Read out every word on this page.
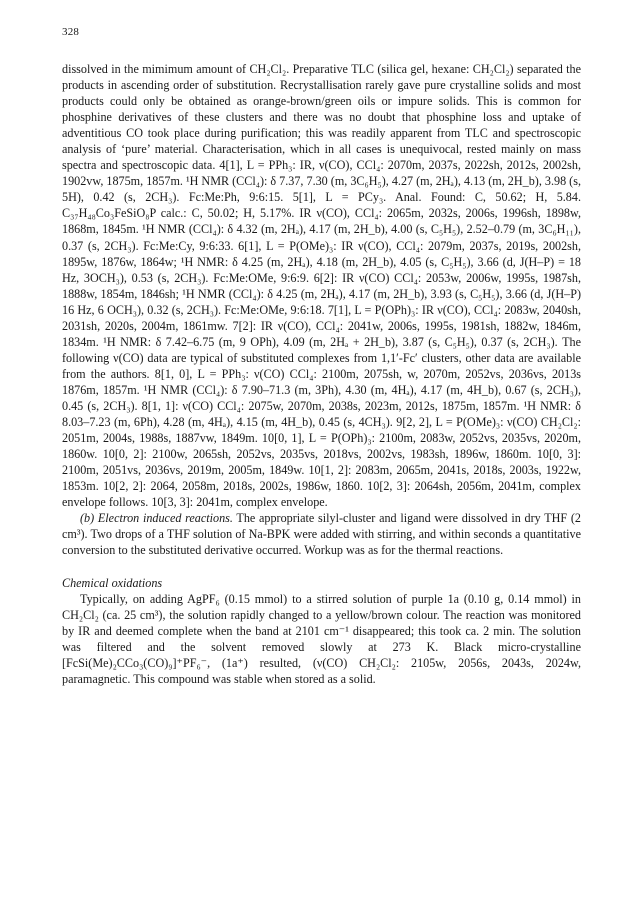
328

dissolved in the mimimum amount of CH₂Cl₂. Preparative TLC (silica gel, hexane: CH₂Cl₂) separated the products in ascending order of substitution. Recrystallisation rarely gave pure crystalline solids and most products could only be obtained as orange-brown/green oils or impure solids. This is common for phosphine derivatives of these clusters and there was no doubt that phosphine loss and uptake of adventitious CO took place during purification; this was readily apparent from TLC and spectroscopic analysis of ‘pure’ material. Characterisation, which in all cases is unequivocal, rested mainly on mass spectra and spectroscopic data. 4[1], L = PPh₃: IR, ν(CO), CCl₄: 2070m, 2037s, 2022sh, 2012s, 2002sh, 1902vw, 1875m, 1857m. ¹H NMR (CCl₄): δ 7.37, 7.30 (m, 3C₆H₅), 4.27 (m, 2Hₐ), 4.13 (m, 2H_b), 3.98 (s, 5H), 0.42 (s, 2CH₃). Fc:Me:Ph, 9:6:15. 5[1], L = PCy₃. Anal. Found: C, 50.62; H, 5.84. C₃₇H₄₈Co₃FeSiO₈P calc.: C, 50.02; H, 5.17%. IR ν(CO), CCl₄: 2065m, 2032s, 2006s, 1996sh, 1898w, 1868m, 1845m. ¹H NMR (CCl₄): δ 4.32 (m, 2Hₐ), 4.17 (m, 2H_b), 4.00 (s, C₅H₅), 2.52–0.79 (m, 3C₆H₁₁), 0.37 (s, 2CH₃). Fc:Me:Cy, 9:6:33. 6[1], L = P(OMe)₃: IR ν(CO), CCl₄: 2079m, 2037s, 2019s, 2002sh, 1895w, 1876w, 1864w; ¹H NMR: δ 4.25 (m, 2Hₐ), 4.18 (m, 2H_b), 4.05 (s, C₅H₅), 3.66 (d, J(H–P) = 18 Hz, 3OCH₃), 0.53 (s, 2CH₃). Fc:Me:OMe, 9:6:9. 6[2]: IR ν(CO) CCl₄: 2053w, 2006w, 1995s, 1987sh, 1888w, 1854m, 1846sh; ¹H NMR (CCl₄): δ 4.25 (m, 2Hₐ), 4.17 (m, 2H_b), 3.93 (s, C₅H₅), 3.66 (d, J(H–P) 16 Hz, 6 OCH₃), 0.32 (s, 2CH₃). Fc:Me:OMe, 9:6:18. 7[1], L = P(OPh)₃: IR ν(CO), CCl₄: 2083w, 2040sh, 2031sh, 2020s, 2004m, 1861mw. 7[2]: IR ν(CO), CCl₄: 2041w, 2006s, 1995s, 1981sh, 1882w, 1846m, 1834m. ¹H NMR: δ 7.42–6.75 (m, 9 OPh), 4.09 (m, 2Hₐ + 2H_b), 3.87 (s, C₅H₅), 0.37 (s, 2CH₃). The following ν(CO) data are typical of substituted complexes from 1,1′-Fc′ clusters, other data are available from the authors. 8[1, 0], L = PPh₃: ν(CO) CCl₄: 2100m, 2075sh, w, 2070m, 2052vs, 2036vs, 2013s 1876m, 1857m. ¹H NMR (CCl₄): δ 7.90–71.3 (m, 3Ph), 4.30 (m, 4Hₐ), 4.17 (m, 4H_b), 0.67 (s, 2CH₃), 0.45 (s, 2CH₃). 8[1, 1]: ν(CO) CCl₄: 2075w, 2070m, 2038s, 2023m, 2012s, 1875m, 1857m. ¹H NMR: δ 8.03–7.23 (m, 6Ph), 4.28 (m, 4Hₐ), 4.15 (m, 4H_b), 0.45 (s, 4CH₃). 9[2, 2], L = P(OMe)₃: ν(CO) CH₂Cl₂: 2051m, 2004s, 1988s, 1887vw, 1849m. 10[0, 1], L = P(OPh)₃: 2100m, 2083w, 2052vs, 2035vs, 2020m, 1860w. 10[0, 2]: 2100w, 2065sh, 2052vs, 2035vs, 2018vs, 2002vs, 1983sh, 1896w, 1860m. 10[0, 3]: 2100m, 2051vs, 2036vs, 2019m, 2005m, 1849w. 10[1, 2]: 2083m, 2065m, 2041s, 2018s, 2003s, 1922w, 1853m. 10[2, 2]: 2064, 2058m, 2018s, 2002s, 1986w, 1860. 10[2, 3]: 2064sh, 2056m, 2041m, complex envelope follows. 10[3, 3]: 2041m, complex envelope.

(b) Electron induced reactions. The appropriate silyl-cluster and ligand were dissolved in dry THF (2 cm³). Two drops of a THF solution of Na-BPK were added with stirring, and within seconds a quantitative conversion to the substituted derivative occurred. Workup was as for the thermal reactions.

Chemical oxidations

Typically, on adding AgPF₆ (0.15 mmol) to a stirred solution of purple 1a (0.10 g, 0.14 mmol) in CH₂Cl₂ (ca. 25 cm³), the solution rapidly changed to a yellow/brown colour. The reaction was monitored by IR and deemed complete when the band at 2101 cm⁻¹ disappeared; this took ca. 2 min. The solution was filtered and the solvent removed slowly at 273 K. Black micro-crystalline [FcSi(Me)₂CCo₃(CO)₉]⁺PF₆⁻, (1a⁺) resulted, (ν(CO) CH₂Cl₂: 2105w, 2056s, 2043s, 2024w, paramagnetic. This compound was stable when stored as a solid.
